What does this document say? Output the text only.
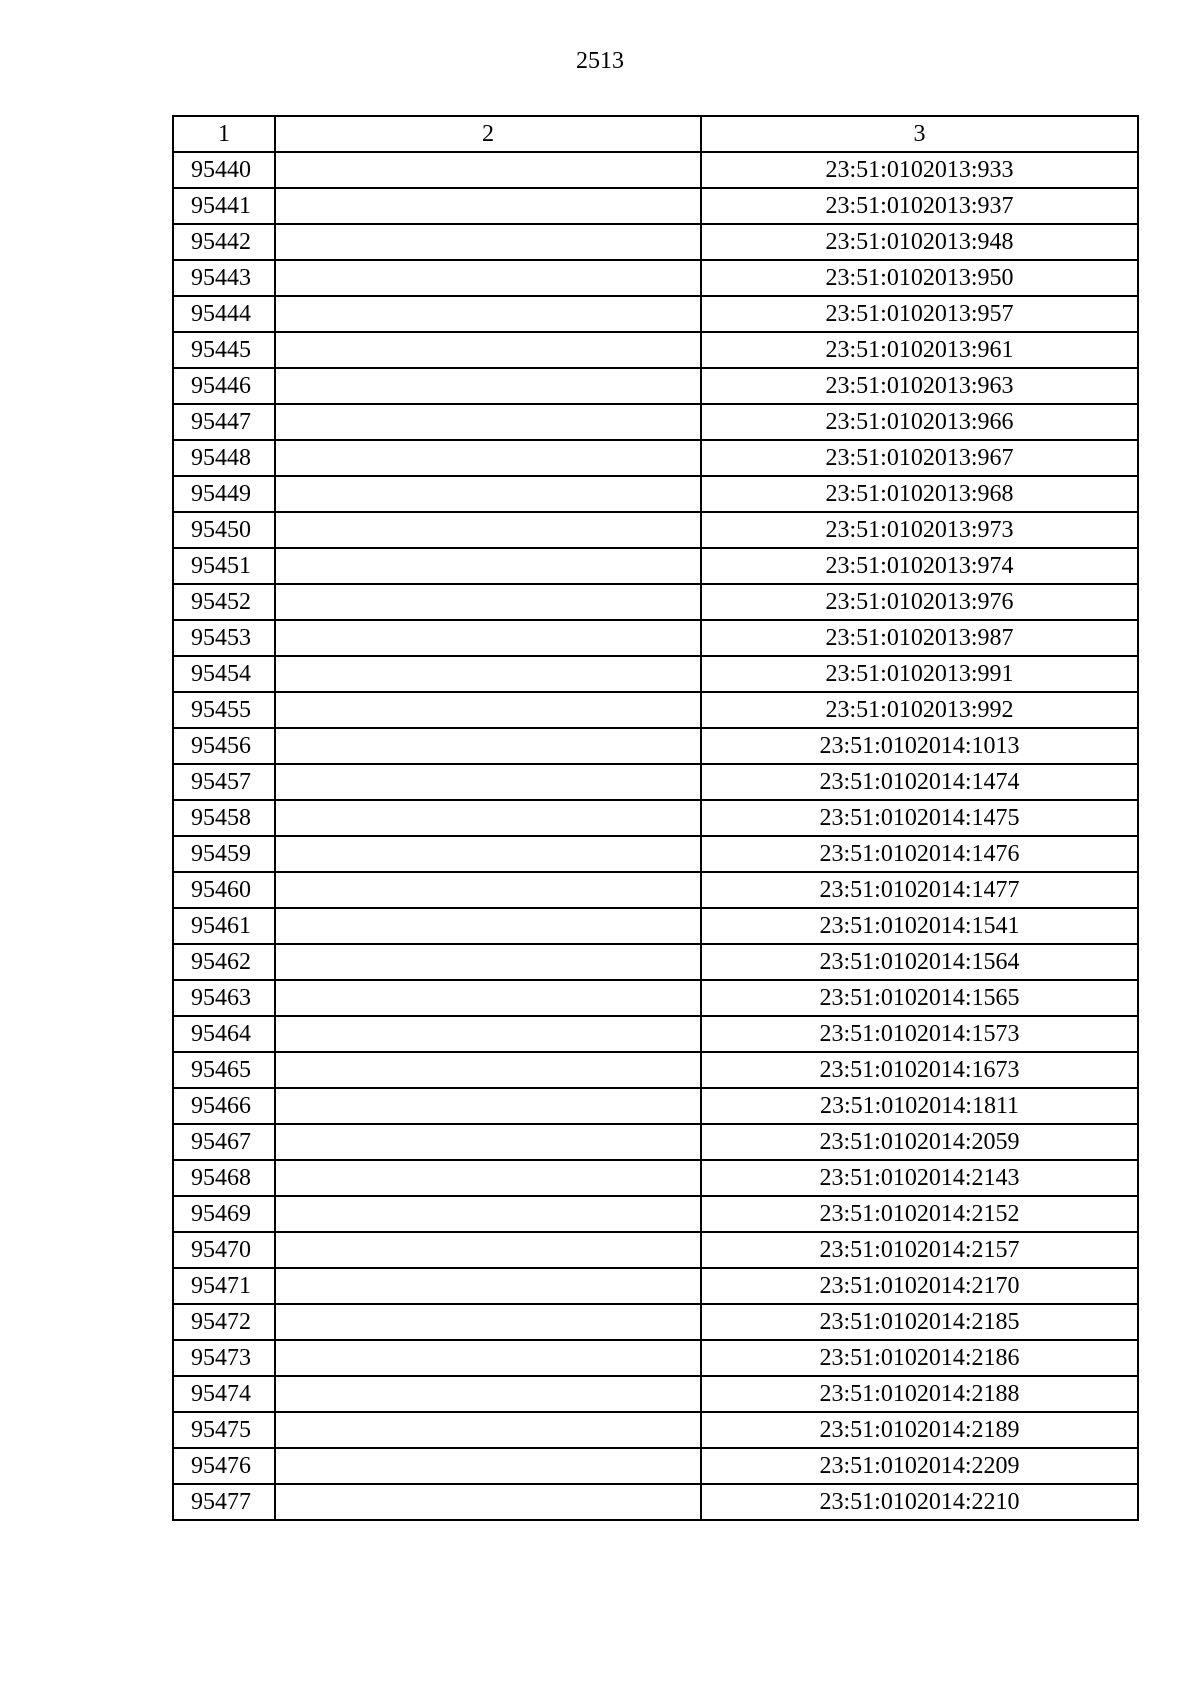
2513
1	2	3
95440		23:51:0102013:933
95441		23:51:0102013:937
95442		23:51:0102013:948
95443		23:51:0102013:950
95444		23:51:0102013:957
95445		23:51:0102013:961
95446		23:51:0102013:963
95447		23:51:0102013:966
95448		23:51:0102013:967
95449		23:51:0102013:968
95450		23:51:0102013:973
95451		23:51:0102013:974
95452		23:51:0102013:976
95453		23:51:0102013:987
95454		23:51:0102013:991
95455		23:51:0102013:992
95456		23:51:0102014:1013
95457		23:51:0102014:1474
95458		23:51:0102014:1475
95459		23:51:0102014:1476
95460		23:51:0102014:1477
95461		23:51:0102014:1541
95462		23:51:0102014:1564
95463		23:51:0102014:1565
95464		23:51:0102014:1573
95465		23:51:0102014:1673
95466		23:51:0102014:1811
95467		23:51:0102014:2059
95468		23:51:0102014:2143
95469		23:51:0102014:2152
95470		23:51:0102014:2157
95471		23:51:0102014:2170
95472		23:51:0102014:2185
95473		23:51:0102014:2186
95474		23:51:0102014:2188
95475		23:51:0102014:2189
95476		23:51:0102014:2209
95477		23:51:0102014:2210
